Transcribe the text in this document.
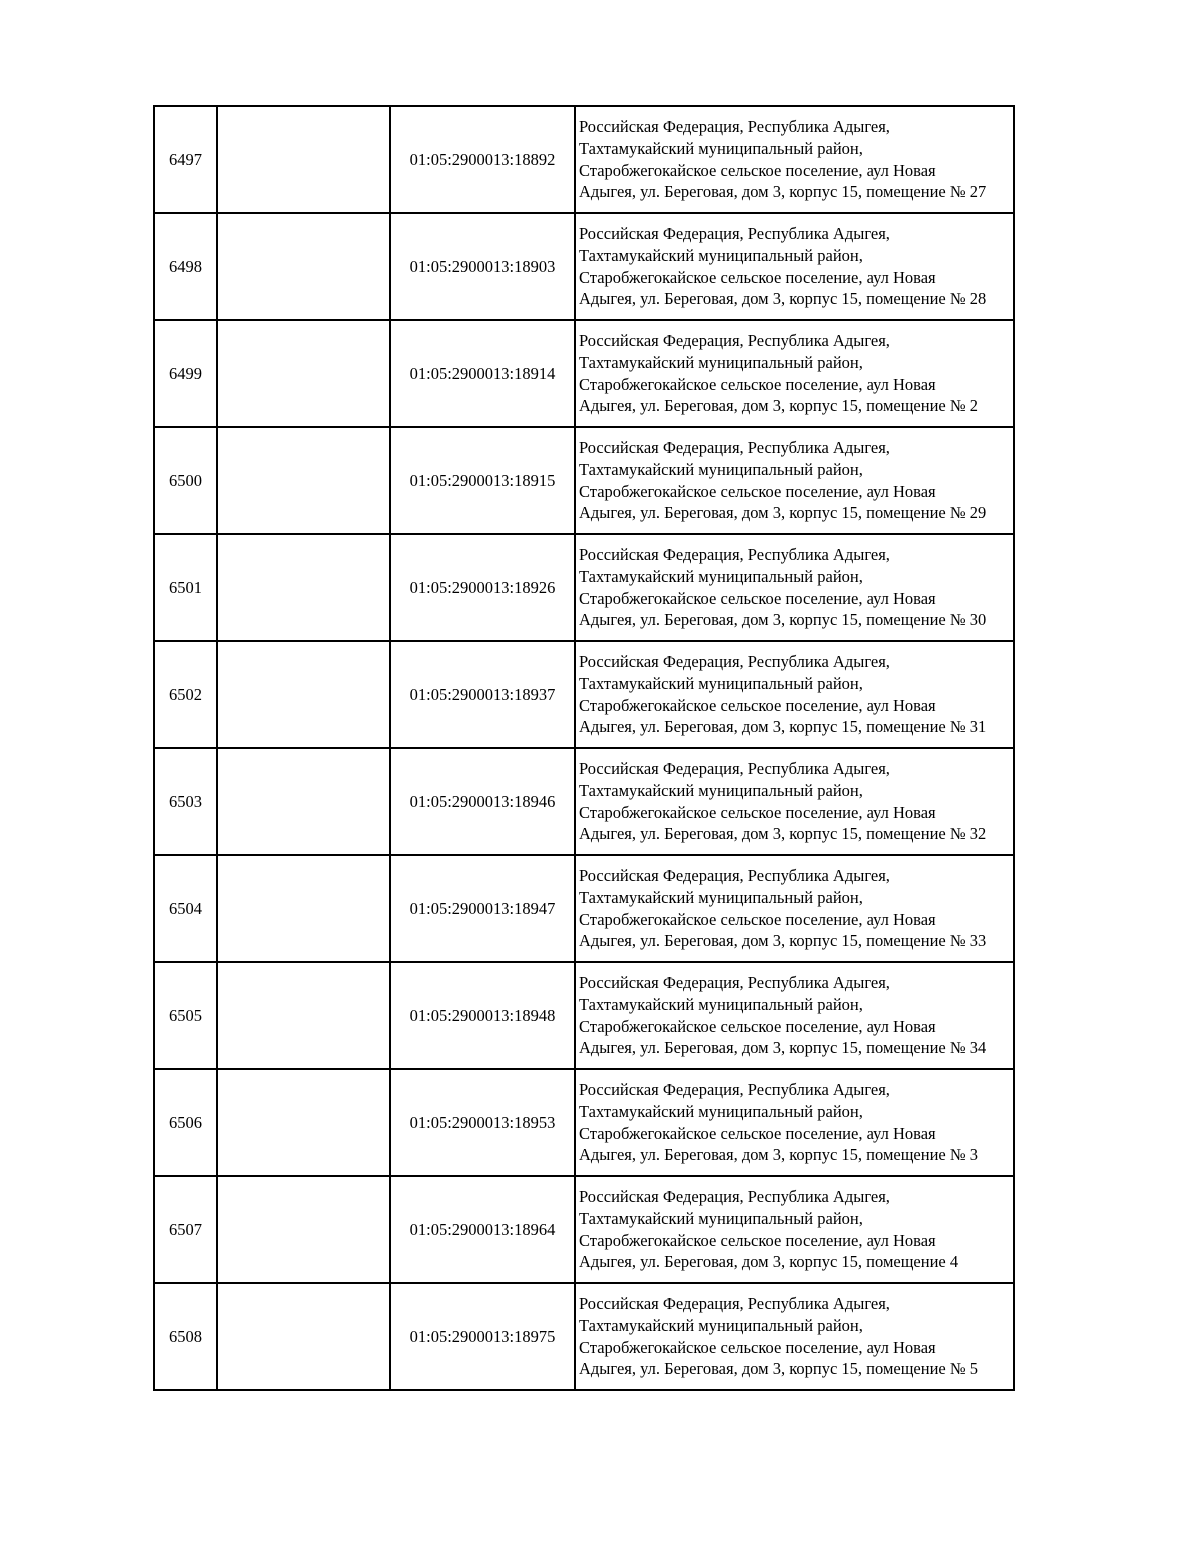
6497		01:05:2900013:18892	Российская Федерация, Республика Адыгея,
Тахтамукайский муниципальный район,
Старобжегокайское сельское поселение, аул Новая
Адыгея, ул. Береговая, дом 3, корпус 15, помещение № 27
6498		01:05:2900013:18903	Российская Федерация, Республика Адыгея,
Тахтамукайский муниципальный район,
Старобжегокайское сельское поселение, аул Новая
Адыгея, ул. Береговая, дом 3, корпус 15, помещение № 28
6499		01:05:2900013:18914	Российская Федерация, Республика Адыгея,
Тахтамукайский муниципальный район,
Старобжегокайское сельское поселение, аул Новая
Адыгея, ул. Береговая, дом 3, корпус 15, помещение № 2
6500		01:05:2900013:18915	Российская Федерация, Республика Адыгея,
Тахтамукайский муниципальный район,
Старобжегокайское сельское поселение, аул Новая
Адыгея, ул. Береговая, дом 3, корпус 15, помещение № 29
6501		01:05:2900013:18926	Российская Федерация, Республика Адыгея,
Тахтамукайский муниципальный район,
Старобжегокайское сельское поселение, аул Новая
Адыгея, ул. Береговая, дом 3, корпус 15, помещение № 30
6502		01:05:2900013:18937	Российская Федерация, Республика Адыгея,
Тахтамукайский муниципальный район,
Старобжегокайское сельское поселение, аул Новая
Адыгея, ул. Береговая, дом 3, корпус 15, помещение № 31
6503		01:05:2900013:18946	Российская Федерация, Республика Адыгея,
Тахтамукайский муниципальный район,
Старобжегокайское сельское поселение, аул Новая
Адыгея, ул. Береговая, дом 3, корпус 15, помещение № 32
6504		01:05:2900013:18947	Российская Федерация, Республика Адыгея,
Тахтамукайский муниципальный район,
Старобжегокайское сельское поселение, аул Новая
Адыгея, ул. Береговая, дом 3, корпус 15, помещение № 33
6505		01:05:2900013:18948	Российская Федерация, Республика Адыгея,
Тахтамукайский муниципальный район,
Старобжегокайское сельское поселение, аул Новая
Адыгея, ул. Береговая, дом 3, корпус 15, помещение № 34
6506		01:05:2900013:18953	Российская Федерация, Республика Адыгея,
Тахтамукайский муниципальный район,
Старобжегокайское сельское поселение, аул Новая
Адыгея, ул. Береговая, дом 3, корпус 15, помещение № 3
6507		01:05:2900013:18964	Российская Федерация, Республика Адыгея,
Тахтамукайский муниципальный район,
Старобжегокайское сельское поселение, аул Новая
Адыгея, ул. Береговая, дом 3, корпус 15, помещение 4
6508		01:05:2900013:18975	Российская Федерация, Республика Адыгея,
Тахтамукайский муниципальный район,
Старобжегокайское сельское поселение, аул Новая
Адыгея, ул. Береговая, дом 3, корпус 15, помещение № 5
